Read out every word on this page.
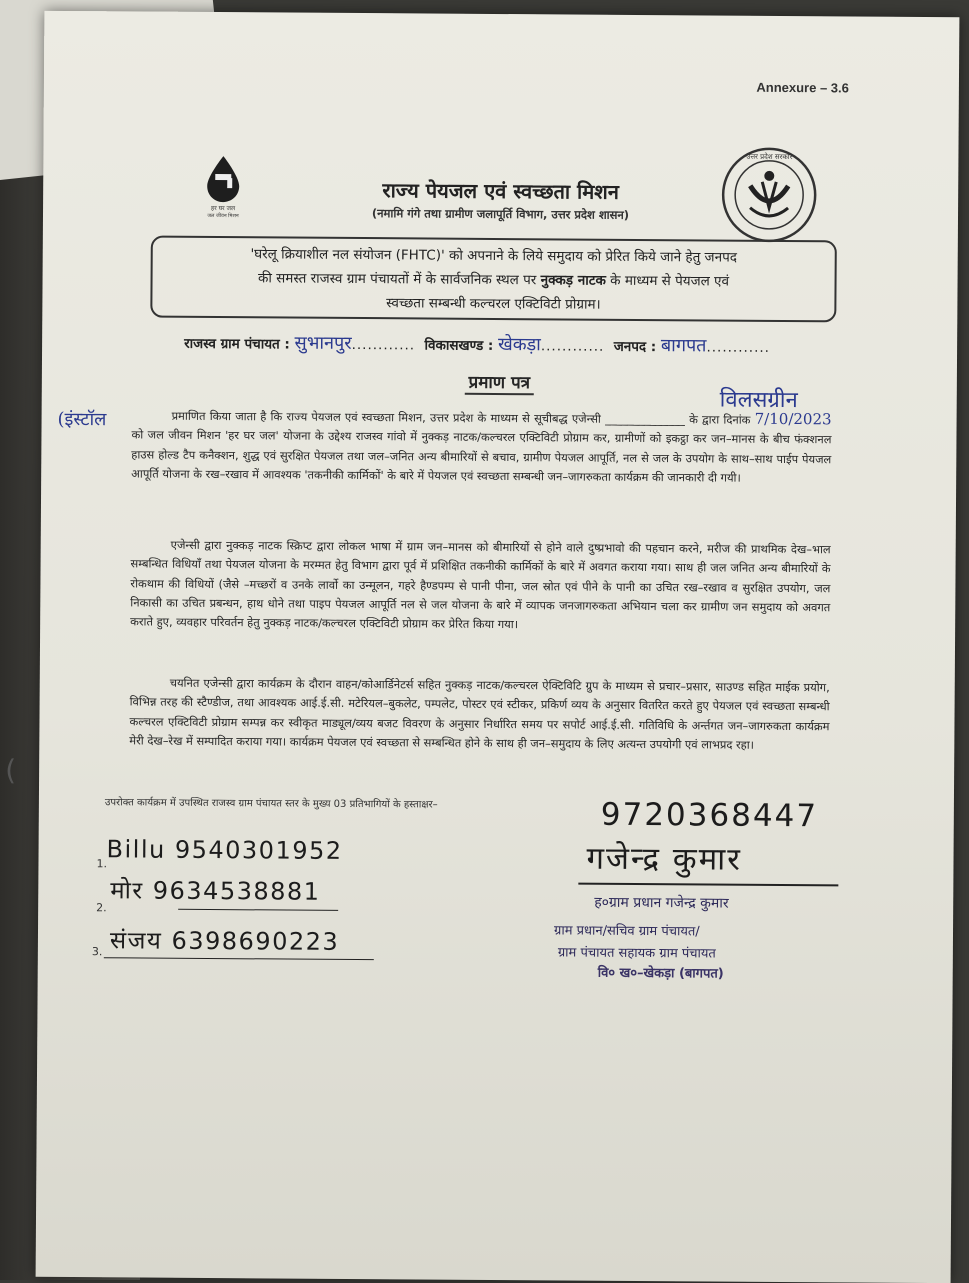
Annexure – 3.6
हर घर जल
जल जीवन मिशन
उत्तर प्रदेश सरकार
राज्य पेयजल एवं स्वच्छता मिशन
(नमामि गंगे तथा ग्रामीण जलापूर्ति विभाग, उत्तर प्रदेश शासन)
'घरेलू क्रियाशील नल संयोजन (FHTC)' को अपनाने के लिये समुदाय को प्रेरित किये जाने हेतु जनपद
की समस्त राजस्व ग्राम पंचायतों में के सार्वजनिक स्थल पर नुक्कड़ नाटक के माध्यम से पेयजल एवं
स्वच्छता सम्बन्धी कल्चरल एक्टिविटी प्रोग्राम।
राजस्व ग्राम पंचायत : सुभानपुर............ विकासखण्ड : खेकड़ा............ जनपद : बागपत............
प्रमाण पत्र
विलसग्रीन
(इंस्टॉल	प्रमाणित किया जाता है कि राज्य पेयजल एवं स्वच्छता मिशन, उत्तर प्रदेश के माध्यम से सूचीबद्ध एजेन्सी ______________ के द्वारा दिनांक 7/10/2023 को जल जीवन मिशन 'हर घर जल' योजना के उद्देश्य राजस्व गांवो में नुक्कड़ नाटक/कल्चरल एक्टिविटी प्रोग्राम कर, ग्रामीणों को इकट्ठा कर जन–मानस के बीच फंक्शनल हाउस होल्ड टैप कनैक्शन, शुद्ध एवं सुरक्षित पेयजल तथा जल–जनित अन्य बीमारियों से बचाव, ग्रामीण पेयजल आपूर्ति, नल से जल के उपयोग के साथ–साथ पाईप पेयजल आपूर्ति योजना के रख–रखाव में आवश्यक 'तकनीकी कार्मिकों' के बारे में पेयजल एवं स्वच्छता सम्बन्धी जन–जागरुकता कार्यक्रम की जानकारी दी गयी।
एजेन्सी द्वारा नुक्कड़ नाटक स्क्रिप्ट द्वारा लोकल भाषा में ग्राम जन–मानस को बीमारियों से होने वाले दुष्प्रभावो की पहचान करने, मरीज की प्राथमिक देख–भाल सम्बन्धित विधियाँ तथा पेयजल योजना के मरम्मत हेतु विभाग द्वारा पूर्व में प्रशिक्षित तकनीकी कार्मिकों के बारे में अवगत कराया गया। साथ ही जल जनित अन्य बीमारियों के रोकथाम की विधियों (जैसे –मच्छरों व उनके लार्वो का उन्मूलन, गहरे हैण्डपम्प से पानी पीना, जल स्रोत एवं पीने के पानी का उचित रख–रखाव व सुरक्षित उपयोग, जल निकासी का उचित प्रबन्धन, हाथ धोने तथा पाइप पेयजल आपूर्ति नल से जल योजना के बारे में व्यापक जनजागरुकता अभियान चला कर ग्रामीण जन समुदाय को अवगत कराते हुए, व्यवहार परिवर्तन हेतु नुक्कड़ नाटक/कल्चरल एक्टिविटी प्रोग्राम कर प्रेरित किया गया।
चयनित एजेन्सी द्वारा कार्यक्रम के दौरान वाहन/कोआर्डिनेटर्स सहित नुक्कड़ नाटक/कल्चरल ऐक्टिविटि ग्रुप के माध्यम से प्रचार–प्रसार, साउण्ड सहित माईक प्रयोग, विभिन्न तरह की स्टैण्डीज, तथा आवश्यक आई.ई.सी. मटेरियल–बुकलेट, पम्पलेट, पोस्टर एवं स्टीकर, प्रकिर्ण व्यय के अनुसार वितरित करते हुए पेयजल एवं स्वच्छता सम्बन्धी कल्चरल एक्टिविटी प्रोग्राम सम्पन्न कर स्वीकृत माड्यूल/व्यय बजट विवरण के अनुसार निर्धारित समय पर सपोर्ट आई.ई.सी. गतिविधि के अर्न्तगत जन–जागरुकता कार्यक्रम मेरी देख–रेख में सम्पादित कराया गया। कार्यक्रम पेयजल एवं स्वच्छता से सम्बन्धित होने के साथ ही जन–समुदाय के लिए अत्यन्त उपयोगी एवं लाभप्रद रहा।
(
उपरोक्त कार्यक्रम में उपस्थित राजस्व ग्राम पंचायत स्तर के मुख्य 03 प्रतिभागियों के हस्ताक्षर–	9720368447
गजेन्द्र कुमार
1. Billu 9540301952
2.
मोर 9634538881
3. संजय 6398690223
ह०ग्राम प्रधान गजेन्द्र कुमार
ग्राम प्रधान/सचिव ग्राम पंचायत/
ग्राम पंचायत सहायक ग्राम पंचायत
वि० ख०–खेकड़ा (बागपत)
